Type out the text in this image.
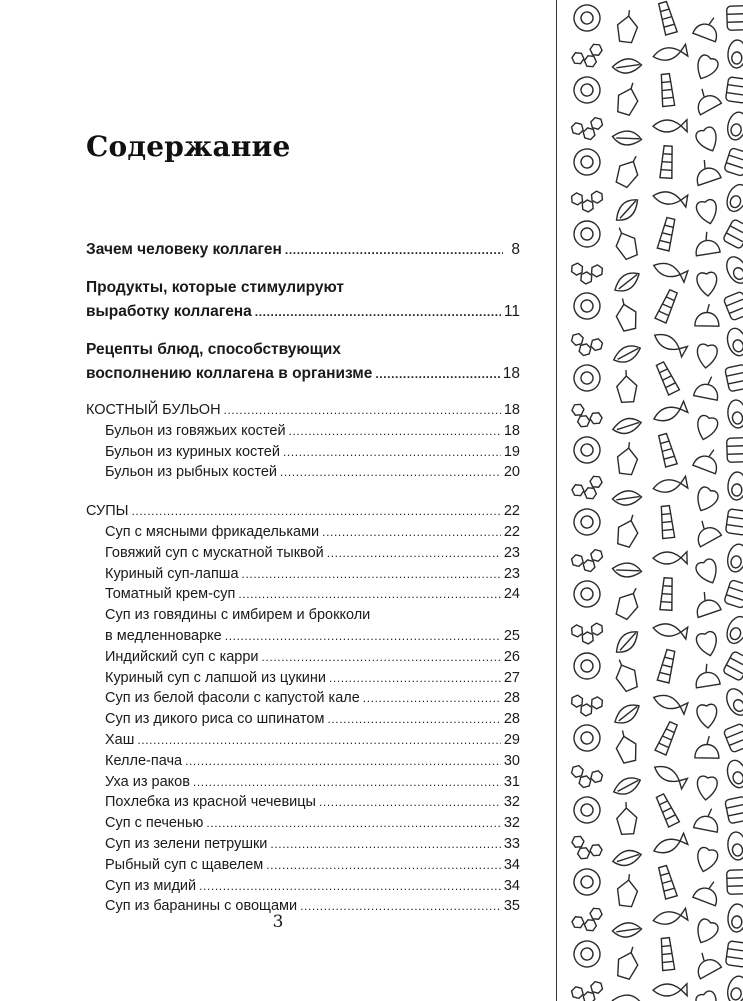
Содержание
Зачем человеку коллаген .....	8
Продукты, которые стимулируют
выработку коллагена .....	11
Рецепты блюд, способствующих
восполнению коллагена в организме .....	18
КОСТНЫЙ БУЛЬОН .....	18
Бульон из говяжьих костей .....	18
Бульон из куриных костей .....	19
Бульон из рыбных костей .....	20
СУПЫ .....	22
Суп с мясными фрикадельками .....	22
Говяжий суп с мускатной тыквой .....	23
Куриный суп-лапша .....	23
Томатный крем-суп .....	24
Суп из говядины с имбирем и брокколи
в медленноварке .....	25
Индийский суп с карри .....	26
Куриный суп с лапшой из цукини .....	27
Суп из белой фасоли с капустой кале .....	28
Суп из дикого риса со шпинатом .....	28
Хаш .....	29
Келле-пача .....	30
Уха из раков .....	31
Похлебка из красной чечевицы .....	32
Суп с печенью .....	32
Суп из зелени петрушки .....	33
Рыбный суп с щавелем .....	34
Суп из мидий .....	34
Суп из баранины с овощами .....	35
3
